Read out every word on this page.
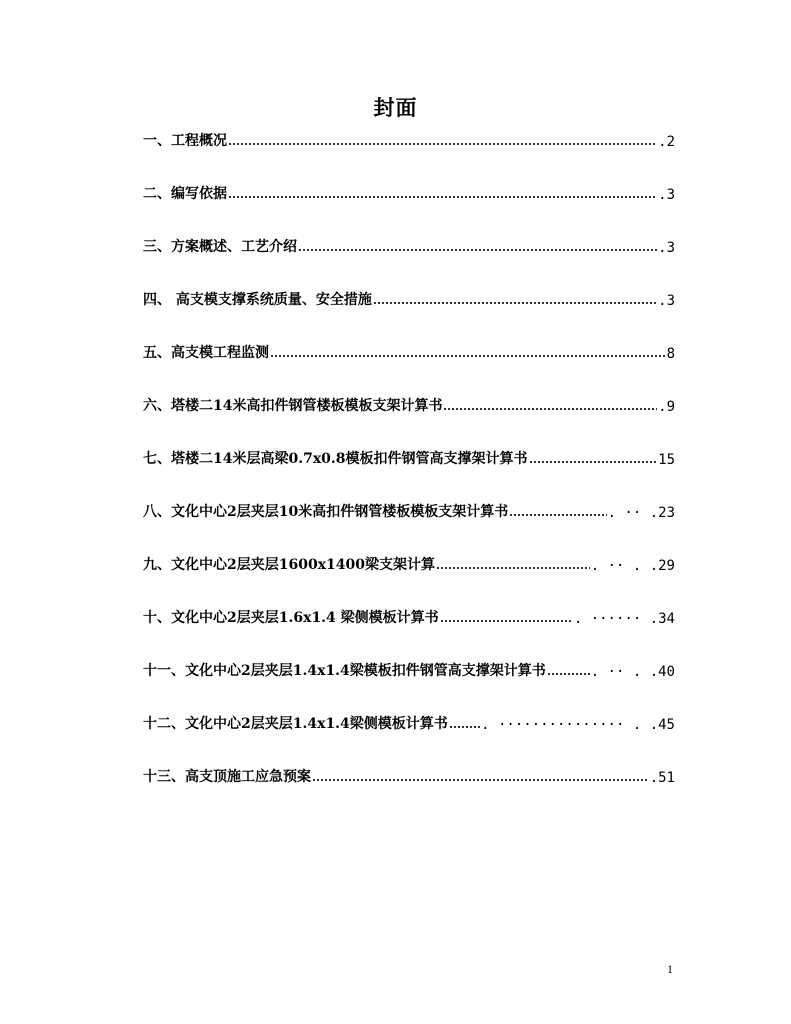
封面
一、工程概况	.2
二、编写依据	.3
三、方案概述、工艺介绍	.3
四、 高支模支撑系统质量、安全措施	.3
五、高支模工程监测	8
六、塔楼二14米高扣件钢管楼板模板支架计算书	.9
七、塔楼二14米层高梁0.7x0.8模板扣件钢管高支撑架计算书	15
八、文化中心2层夹层10米高扣件钢管楼板模板支架计算书	. ·· .23
九、文化中心2层夹层1600x1400梁支架计算	. ·· . .29
十、文化中心2层夹层1.6x1.4 梁侧模板计算书	. ······ .34
十一、文化中心2层夹层1.4x1.4梁模板扣件钢管高支撑架计算书	. ·· . .40
十二、文化中心2层夹层1.4x1.4梁侧模板计算书 . ··············· . .45
十三、高支顶施工应急预案	.51
1
